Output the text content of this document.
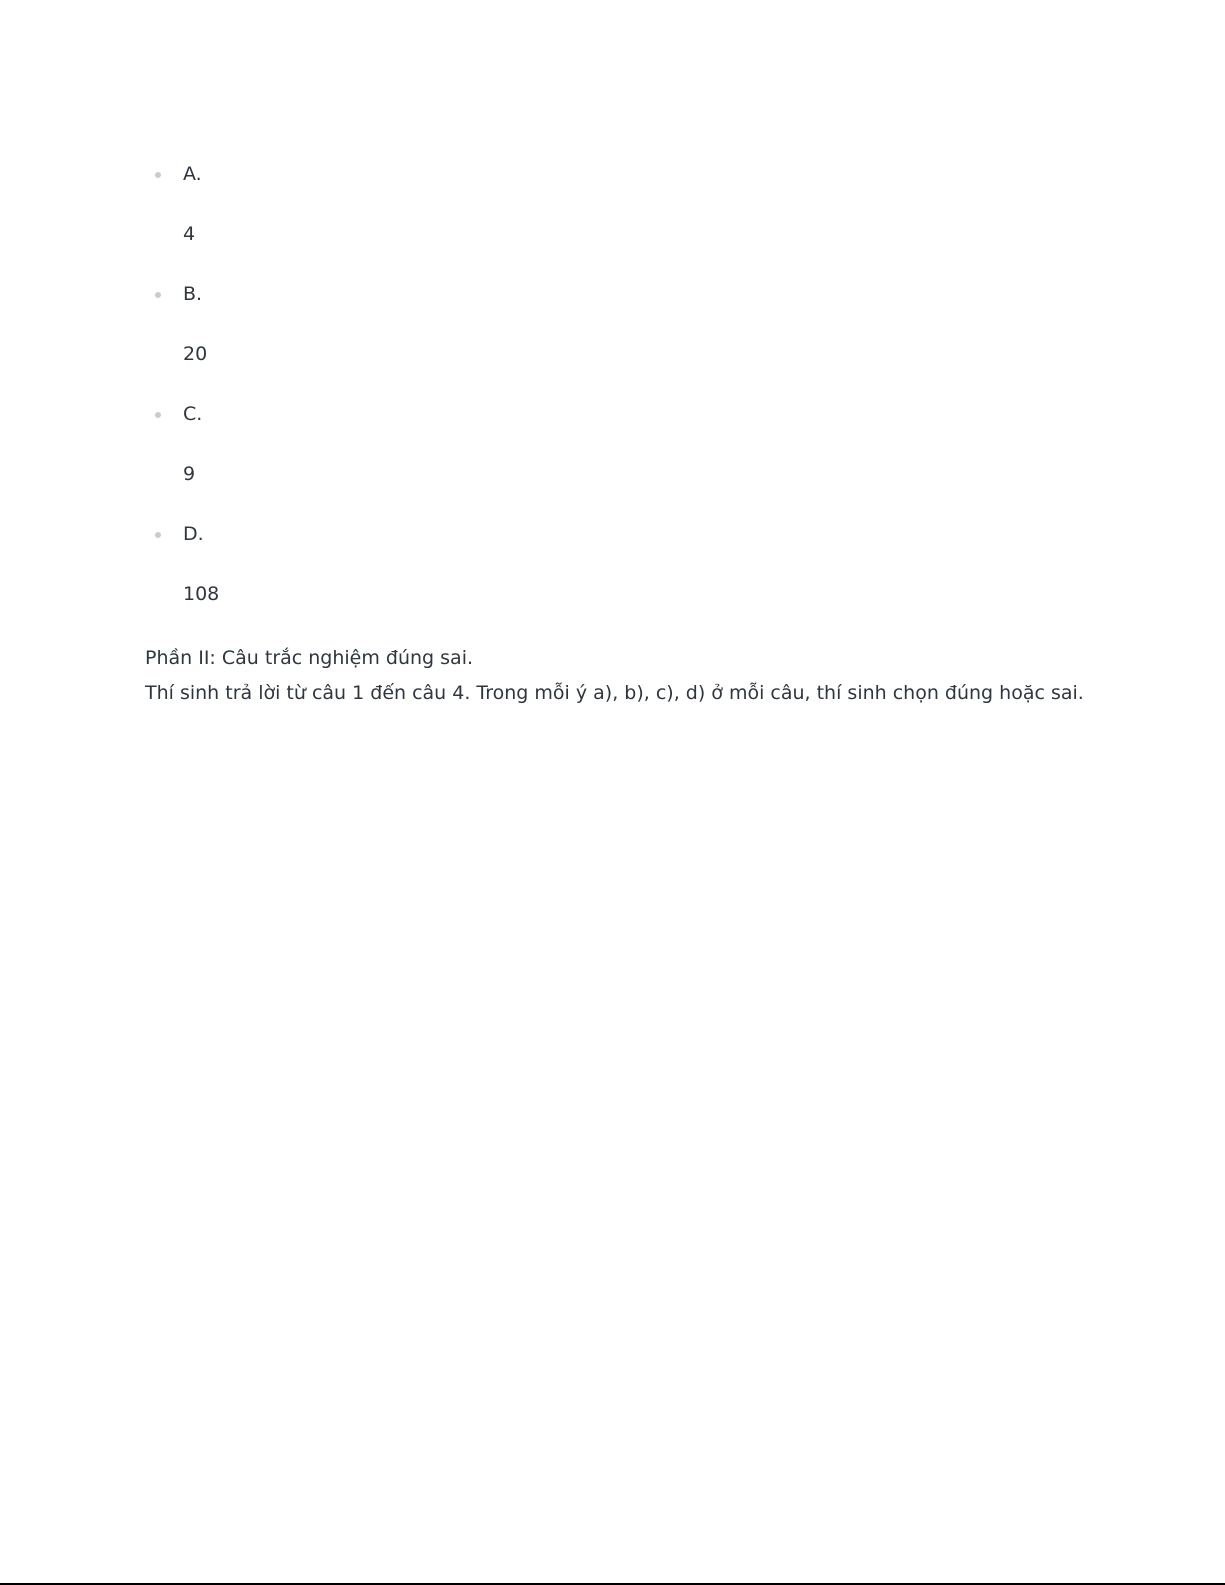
A.
4
B.
20
C.
9
D.
108

Phần II: Câu trắc nghiệm đúng sai.

Thí sinh trả lời từ câu 1 đến câu 4. Trong mỗi ý a), b), c), d) ở mỗi câu, thí sinh chọn đúng hoặc sai.
